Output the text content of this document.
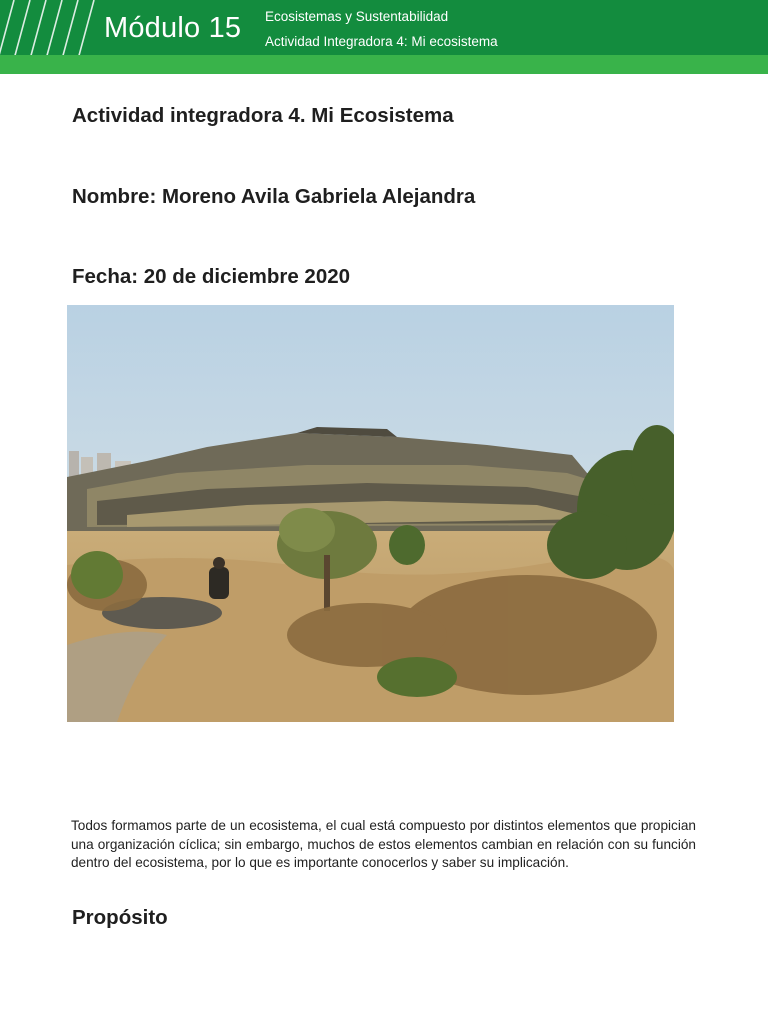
Módulo 15 Ecosistemas y Sustentabilidad
Actividad Integradora 4: Mi ecosistema
Actividad integradora 4. Mi Ecosistema
Nombre: Moreno Avila Gabriela Alejandra
Fecha: 20 de diciembre 2020
Todos formamos parte de un ecosistema, el cual está compuesto por distintos elementos que propician una organización cíclica; sin embargo, muchos de estos elementos cambian en relación con su función dentro del ecosistema, por lo que es importante conocerlos y saber su implicación.
Propósito
